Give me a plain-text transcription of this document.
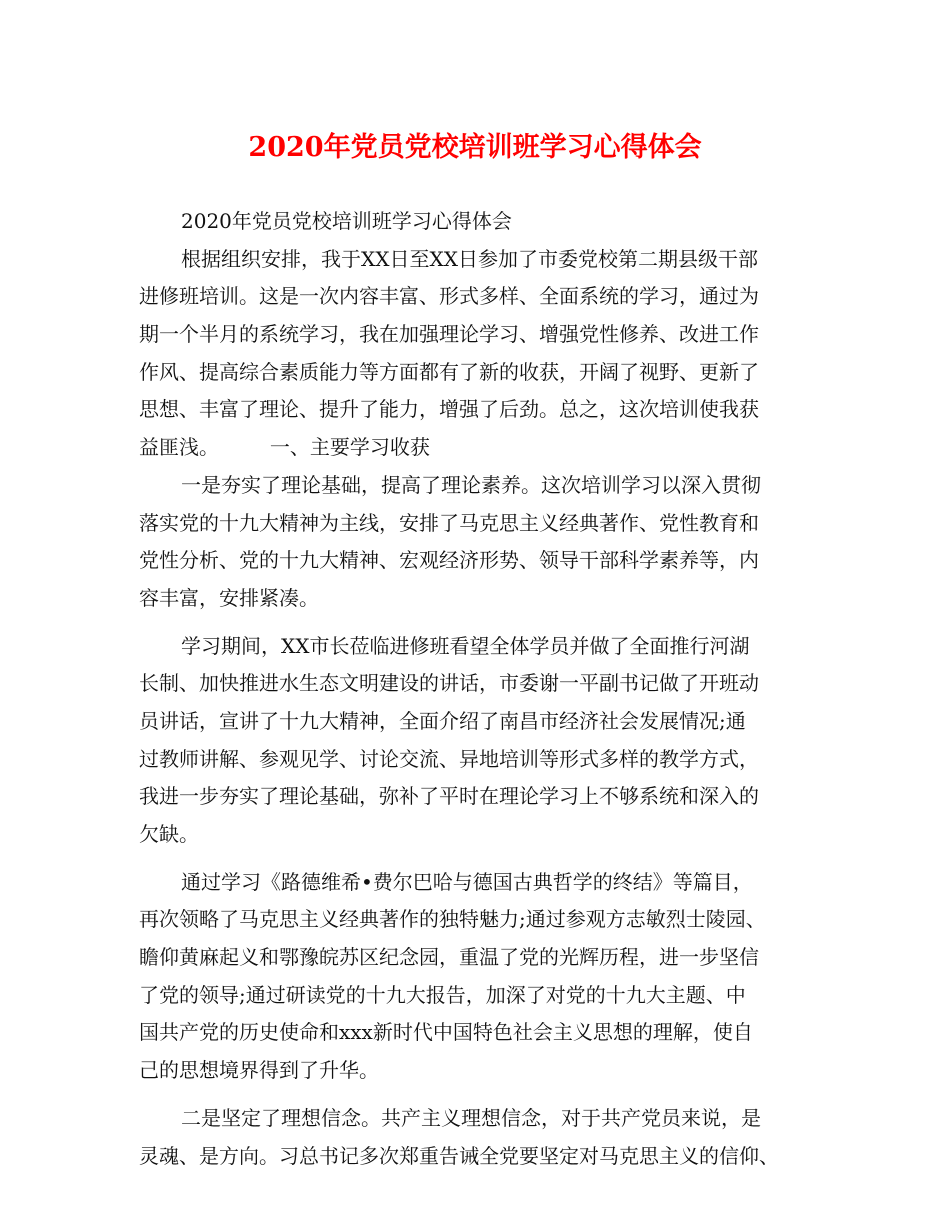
2020年党员党校培训班学习心得体会
2020年党员党校培训班学习心得体会
根据组织安排，我于XX日至XX日参加了市委党校第二期县级干部
进修班培训。这是一次内容丰富、形式多样、全面系统的学习，通过为
期一个半月的系统学习，我在加强理论学习、增强党性修养、改进工作
作风、提高综合素质能力等方面都有了新的收获，开阔了视野、更新了
思想、丰富了理论、提升了能力，增强了后劲。总之，这次培训使我获
益匪浅。        一、主要学习收获
一是夯实了理论基础，提高了理论素养。这次培训学习以深入贯彻
落实党的十九大精神为主线，安排了马克思主义经典著作、党性教育和
党性分析、党的十九大精神、宏观经济形势、领导干部科学素养等，内
容丰富，安排紧凑。
学习期间，XX市长莅临进修班看望全体学员并做了全面推行河湖
长制、加快推进水生态文明建设的讲话，市委谢一平副书记做了开班动
员讲话，宣讲了十九大精神，全面介绍了南昌市经济社会发展情况;通
过教师讲解、参观见学、讨论交流、异地培训等形式多样的教学方式，
我进一步夯实了理论基础，弥补了平时在理论学习上不够系统和深入的
欠缺。
通过学习《路德维希•费尔巴哈与德国古典哲学的终结》等篇目，
再次领略了马克思主义经典著作的独特魅力;通过参观方志敏烈士陵园、
瞻仰黄麻起义和鄂豫皖苏区纪念园，重温了党的光辉历程，进一步坚信
了党的领导;通过研读党的十九大报告，加深了对党的十九大主题、中
国共产党的历史使命和xxx新时代中国特色社会主义思想的理解，使自
己的思想境界得到了升华。
二是坚定了理想信念。共产主义理想信念，对于共产党员来说，是
灵魂、是方向。习总书记多次郑重告诫全党要坚定对马克思主义的信仰、
